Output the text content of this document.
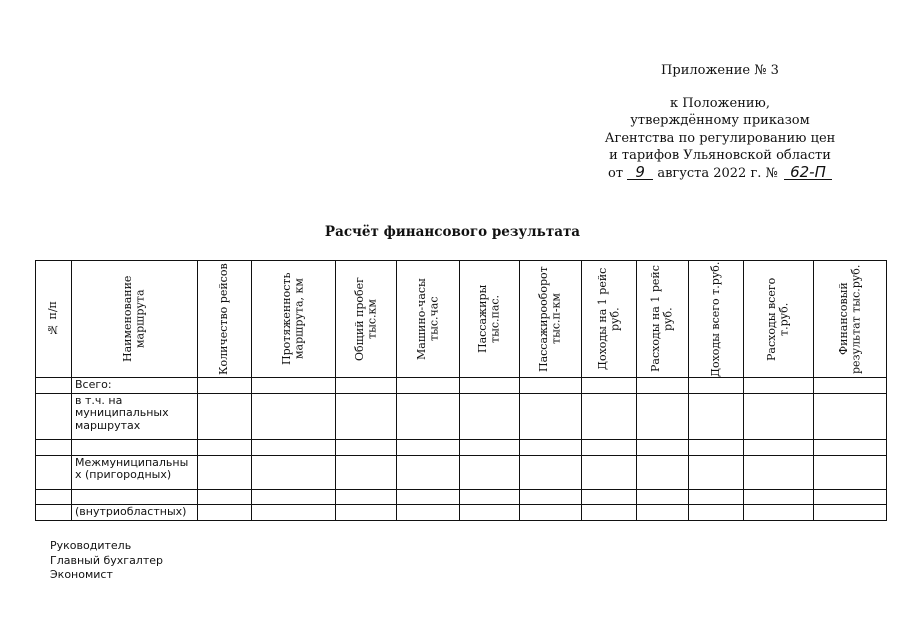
Приложение № 3
к Положению,
утверждённому приказом
Агентства по регулированию цен
и тарифов Ульяновской области
от 9 августа 2022 г. № 62-П
Расчёт финансового результата
№ п/п	Наименование маршрута	Количество рейсов	Протяженность маршрута, км	Общий пробег тыс.км	Машино-часы тыс.час	Пассажиры тыс.пас.	Пассажирооборот тыс.п-км	Доходы на 1 рейс руб.	Расходы на 1 рейс руб.	Доходы всего т.руб.	Расходы всего т.руб.	Финансовый результат тыс.руб.

	Всего:											
	в т.ч. на муниципальных маршрутах											

	Межмуниципальны х (пригородных)											

	(внутриобластных)											
Руководитель
Главный бухгалтер
Экономист
